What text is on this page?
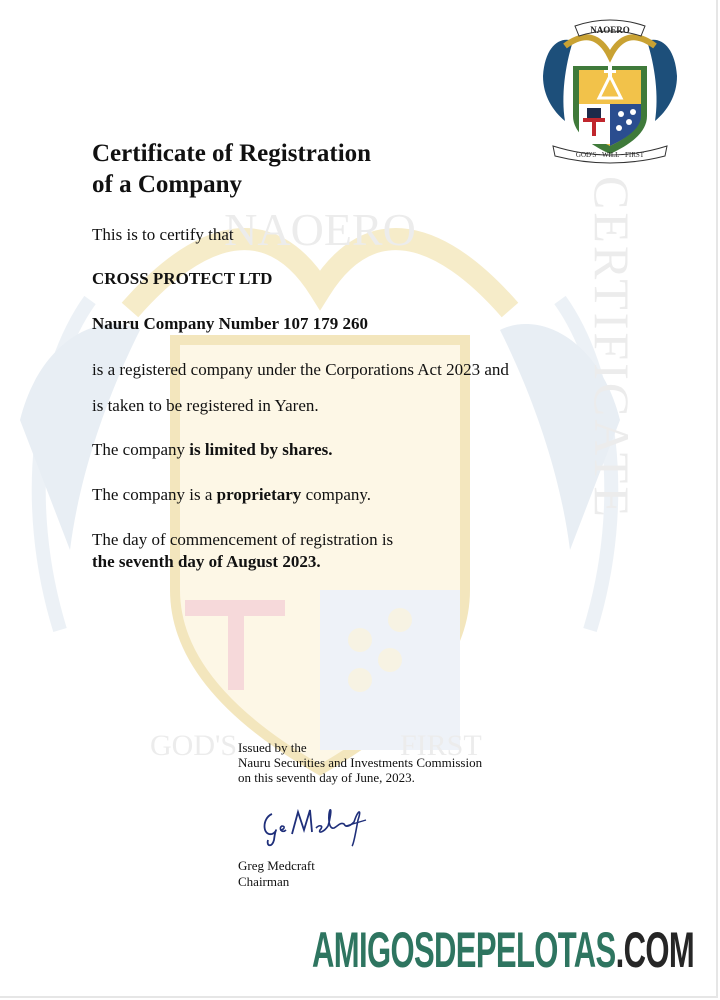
NAOERO
GOD'S	FIRST
CERTIFICATE
NAOERO
GOD'S · WILL · FIRST
Certificate of Registration
of a Company
This is to certify that
CROSS PROTECT LTD
Nauru Company Number 107 179 260
is a registered company under the Corporations Act 2023 and
is taken to be registered in Yaren.
The company is limited by shares.
The company is a proprietary company.
The day of commencement of registration is
the seventh day of August 2023.
Issued by the
Nauru Securities and Investments Commission
on this seventh day of June, 2023.
Greg Medcraft
Chairman
AMIGOSDEPELOTAS.COM
